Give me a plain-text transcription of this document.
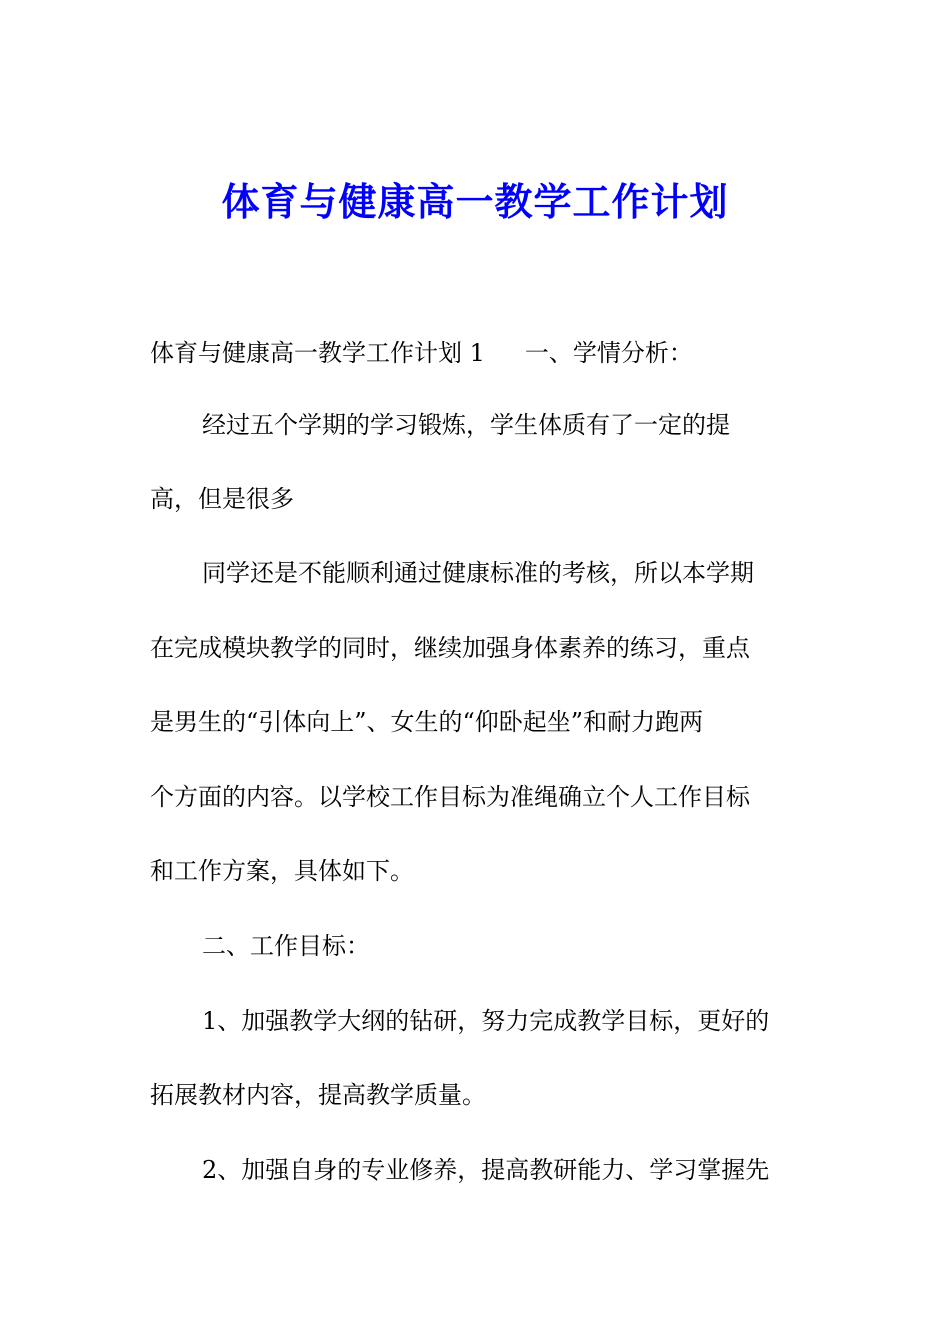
体育与健康高一教学工作计划

体育与健康高一教学工作计划 1 一、学情分析：

经过五个学期的学习锻炼，学生体质有了一定的提

高，但是很多

同学还是不能顺利通过健康标准的考核，所以本学期

在完成模块教学的同时，继续加强身体素养的练习，重点

是男生的“引体向上”、女生的“仰卧起坐”和耐力跑两

个方面的内容。以学校工作目标为准绳确立个人工作目标

和工作方案，具体如下。

二、工作目标：

1、加强教学大纲的钻研，努力完成教学目标，更好的

拓展教材内容，提高教学质量。

2、加强自身的专业修养，提高教研能力、学习掌握先
